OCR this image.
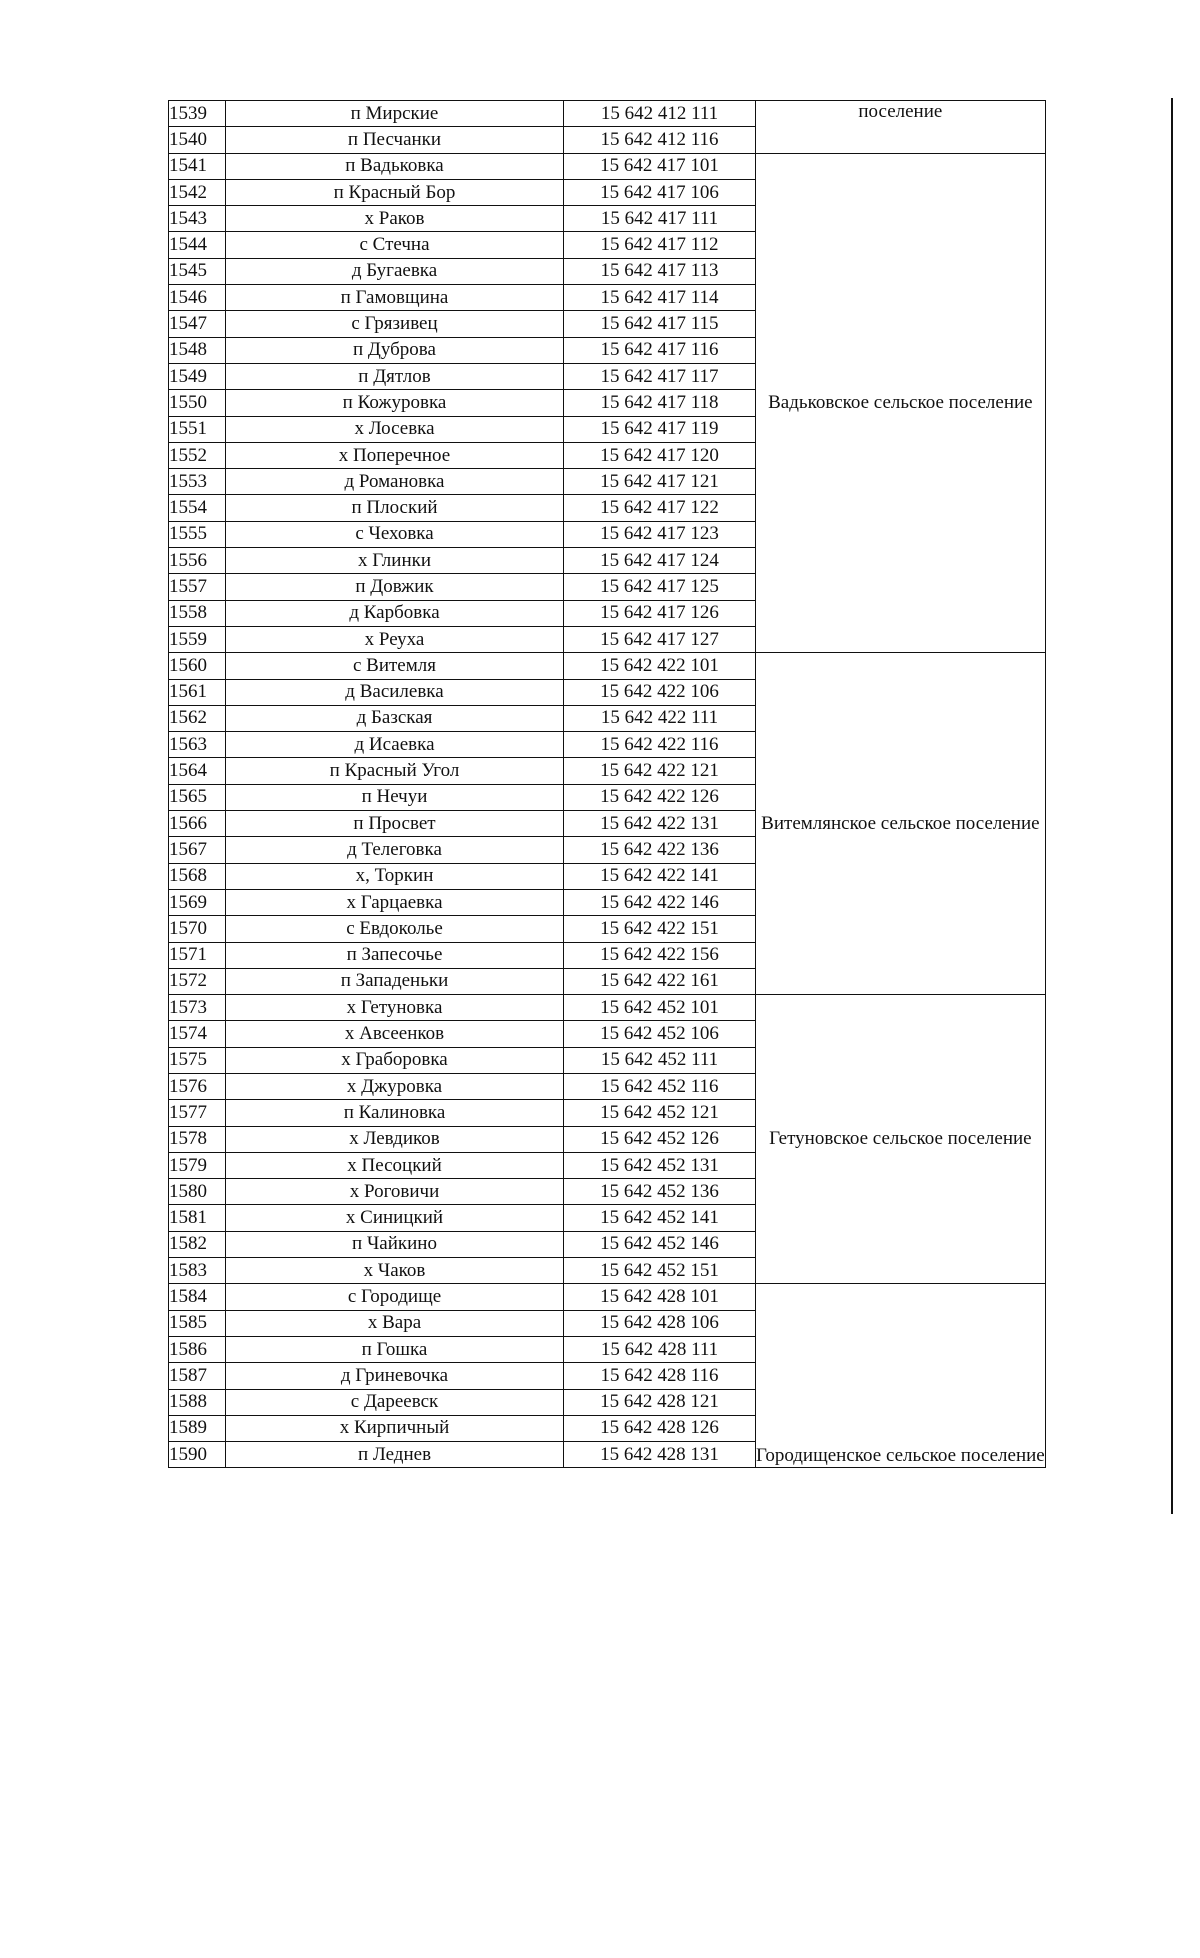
1539	п Мирские	15 642 412 111	поселение
1540	п Песчанки	15 642 412 116	
1541	п Вадьковка	15 642 417 101	Вадьковское сельское поселение
1542	п Красный Бор	15 642 417 106	
1543	х Раков	15 642 417 111	
1544	с Стечна	15 642 417 112	
1545	д Бугаевка	15 642 417 113	
1546	п Гамовщина	15 642 417 114	
1547	с Грязивец	15 642 417 115	
1548	п Дуброва	15 642 417 116	
1549	п Дятлов	15 642 417 117	
1550	п Кожуровка	15 642 417 118	
1551	х Лосевка	15 642 417 119	
1552	х Поперечное	15 642 417 120	
1553	д Романовка	15 642 417 121	
1554	п Плоский	15 642 417 122	
1555	с Чеховка	15 642 417 123	
1556	х Глинки	15 642 417 124	
1557	п Довжик	15 642 417 125	
1558	д Карбовка	15 642 417 126	
1559	х Реуха	15 642 417 127	
1560	с Витемля	15 642 422 101	Витемлянское сельское поселение
1561	д Василевка	15 642 422 106	
1562	д Базская	15 642 422 111	
1563	д Исаевка	15 642 422 116	
1564	п Красный Угол	15 642 422 121	
1565	п Нечуи	15 642 422 126	
1566	п Просвет	15 642 422 131	
1567	д Телеговка	15 642 422 136	
1568	х, Торкин	15 642 422 141	
1569	х Гарцаевка	15 642 422 146	
1570	с Евдоколье	15 642 422 151	
1571	п Запесочье	15 642 422 156	
1572	п Западеньки	15 642 422 161	
1573	х Гетуновка	15 642 452 101	Гетуновское сельское поселение
1574	х Авсеенков	15 642 452 106	
1575	х Граборовка	15 642 452 111	
1576	х Джуровка	15 642 452 116	
1577	п Калиновка	15 642 452 121	
1578	х Левдиков	15 642 452 126	
1579	х Песоцкий	15 642 452 131	
1580	х Роговичи	15 642 452 136	
1581	х Синицкий	15 642 452 141	
1582	п Чайкино	15 642 452 146	
1583	х Чаков	15 642 452 151	
1584	с Городище	15 642 428 101	Городищенское сельское поселение
1585	х Вара	15 642 428 106	
1586	п Гошка	15 642 428 111	
1587	д Гриневочка	15 642 428 116	
1588	с Дареевск	15 642 428 121	
1589	х Кирпичный	15 642 428 126	
1590	п Леднев	15 642 428 131	
